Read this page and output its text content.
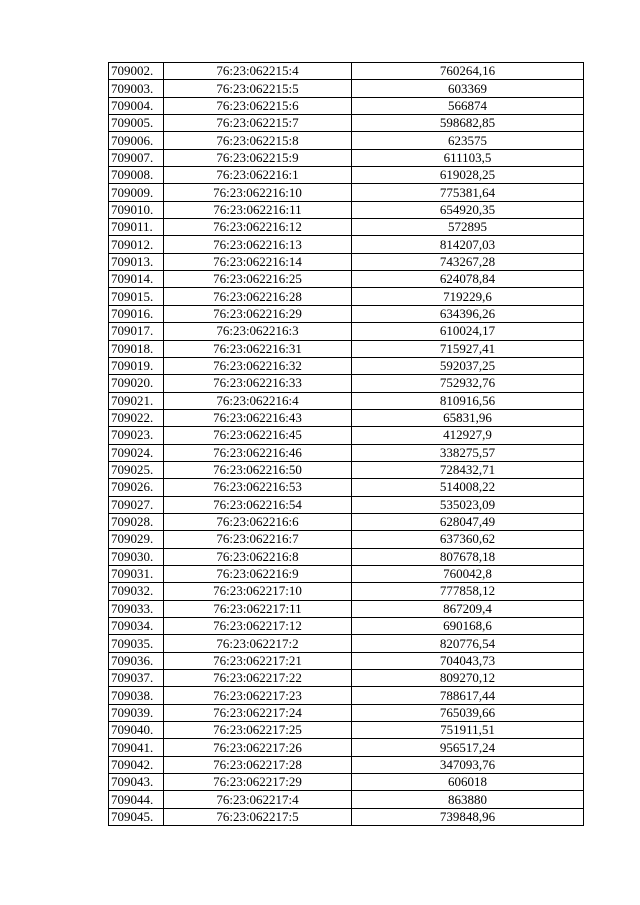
709002.	76:23:062215:4	760264,16
709003.	76:23:062215:5	603369
709004.	76:23:062215:6	566874
709005.	76:23:062215:7	598682,85
709006.	76:23:062215:8	623575
709007.	76:23:062215:9	611103,5
709008.	76:23:062216:1	619028,25
709009.	76:23:062216:10	775381,64
709010.	76:23:062216:11	654920,35
709011.	76:23:062216:12	572895
709012.	76:23:062216:13	814207,03
709013.	76:23:062216:14	743267,28
709014.	76:23:062216:25	624078,84
709015.	76:23:062216:28	719229,6
709016.	76:23:062216:29	634396,26
709017.	76:23:062216:3	610024,17
709018.	76:23:062216:31	715927,41
709019.	76:23:062216:32	592037,25
709020.	76:23:062216:33	752932,76
709021.	76:23:062216:4	810916,56
709022.	76:23:062216:43	65831,96
709023.	76:23:062216:45	412927,9
709024.	76:23:062216:46	338275,57
709025.	76:23:062216:50	728432,71
709026.	76:23:062216:53	514008,22
709027.	76:23:062216:54	535023,09
709028.	76:23:062216:6	628047,49
709029.	76:23:062216:7	637360,62
709030.	76:23:062216:8	807678,18
709031.	76:23:062216:9	760042,8
709032.	76:23:062217:10	777858,12
709033.	76:23:062217:11	867209,4
709034.	76:23:062217:12	690168,6
709035.	76:23:062217:2	820776,54
709036.	76:23:062217:21	704043,73
709037.	76:23:062217:22	809270,12
709038.	76:23:062217:23	788617,44
709039.	76:23:062217:24	765039,66
709040.	76:23:062217:25	751911,51
709041.	76:23:062217:26	956517,24
709042.	76:23:062217:28	347093,76
709043.	76:23:062217:29	606018
709044.	76:23:062217:4	863880
709045.	76:23:062217:5	739848,96
